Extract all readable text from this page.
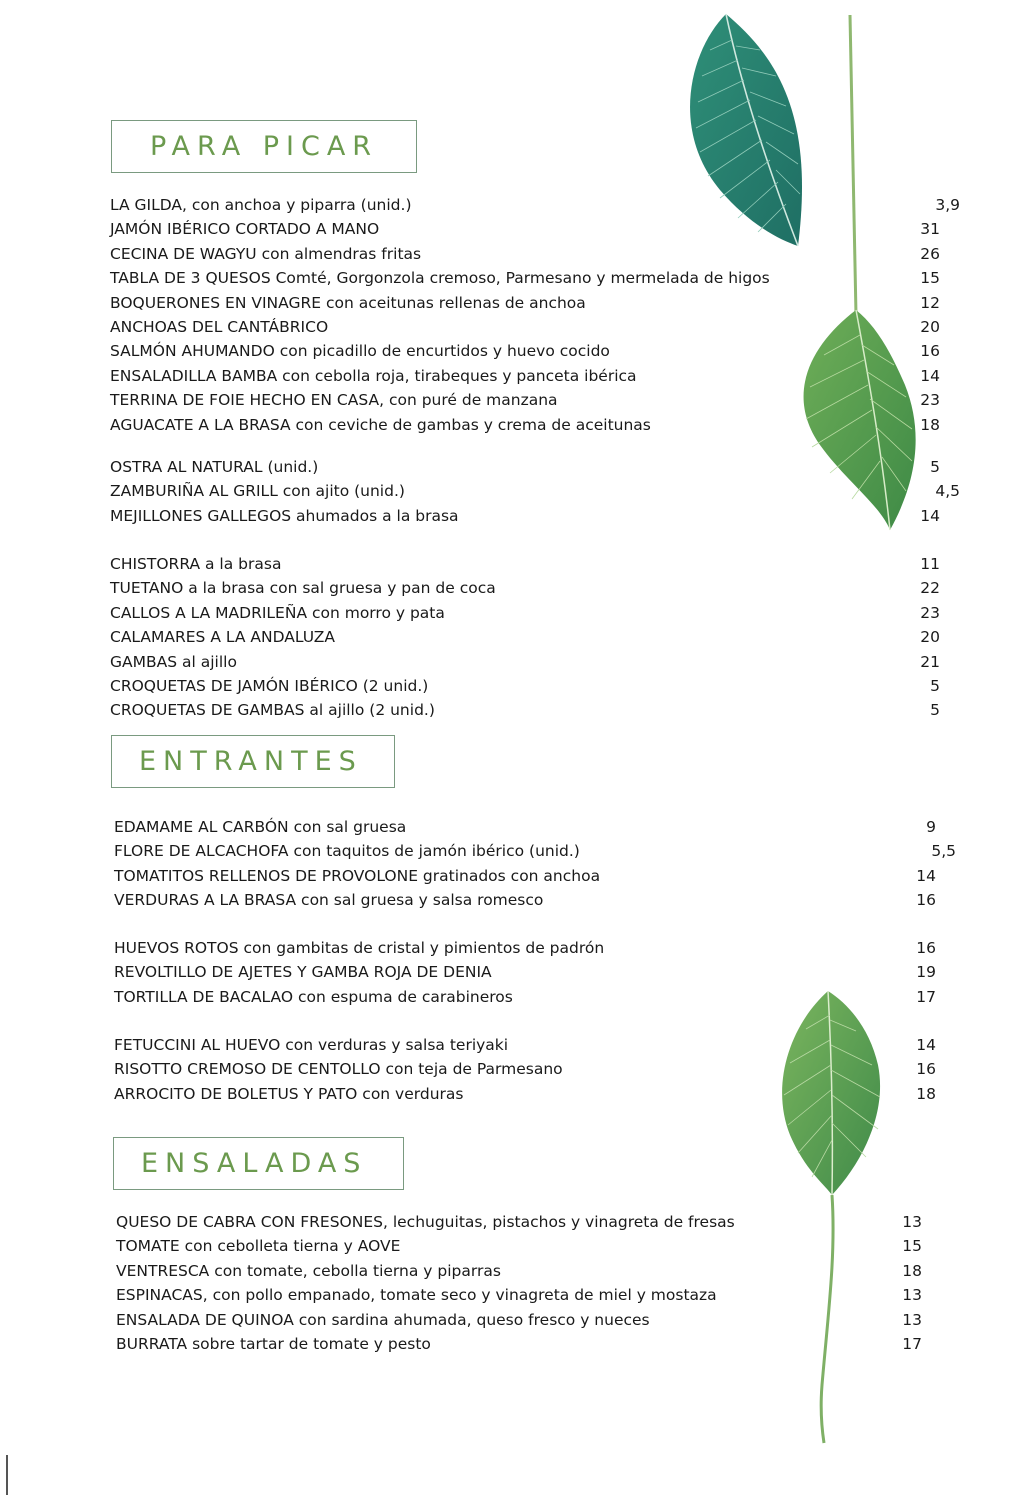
PARA PICAR
ENTRANTES
ENSALADAS
LA GILDA, con anchoa y piparra (unid.)	3,9
JAMÓN IBÉRICO CORTADO A MANO	31
CECINA DE WAGYU con almendras fritas	26
TABLA DE 3 QUESOS Comté, Gorgonzola cremoso, Parmesano y mermelada de higos	15
BOQUERONES EN VINAGRE con aceitunas rellenas de anchoa	12
ANCHOAS DEL CANTÁBRICO	20
SALMÓN AHUMANDO con picadillo de encurtidos y huevo cocido	16
ENSALADILLA BAMBA con cebolla roja, tirabeques y panceta ibérica	14
TERRINA DE FOIE HECHO EN CASA, con puré de manzana	23
AGUACATE A LA BRASA con ceviche de gambas y crema de aceitunas	18
OSTRA AL NATURAL (unid.)	5
ZAMBURIÑA AL GRILL con ajito (unid.)	4,5
MEJILLONES GALLEGOS ahumados a la brasa	14
CHISTORRA a la brasa	11
TUETANO a la brasa con sal gruesa y pan de coca	22
CALLOS A LA MADRILEÑA con morro y pata	23
CALAMARES A LA ANDALUZA	20
GAMBAS al ajillo	21
CROQUETAS DE JAMÓN IBÉRICO (2 unid.)	5
CROQUETAS DE GAMBAS al ajillo (2 unid.)	5
EDAMAME AL CARBÓN con sal gruesa	9
FLORE DE ALCACHOFA con taquitos de jamón ibérico (unid.)	5,5
TOMATITOS RELLENOS DE PROVOLONE gratinados con anchoa	14
VERDURAS A LA BRASA con sal gruesa y salsa romesco	16
HUEVOS ROTOS con gambitas de cristal y pimientos de padrón	16
REVOLTILLO DE AJETES Y GAMBA ROJA DE DENIA	19
TORTILLA DE BACALAO con espuma de carabineros	17
FETUCCINI AL HUEVO con verduras y salsa teriyaki	14
RISOTTO CREMOSO DE CENTOLLO con teja de Parmesano	16
ARROCITO DE BOLETUS Y PATO con verduras	18
QUESO DE CABRA CON FRESONES, lechuguitas, pistachos y vinagreta de fresas	13
TOMATE con cebolleta tierna y AOVE	15
VENTRESCA con tomate, cebolla tierna y piparras	18
ESPINACAS, con pollo empanado, tomate seco y vinagreta de miel y mostaza	13
ENSALADA DE QUINOA con sardina ahumada, queso fresco y nueces	13
BURRATA sobre tartar de tomate y pesto	17
